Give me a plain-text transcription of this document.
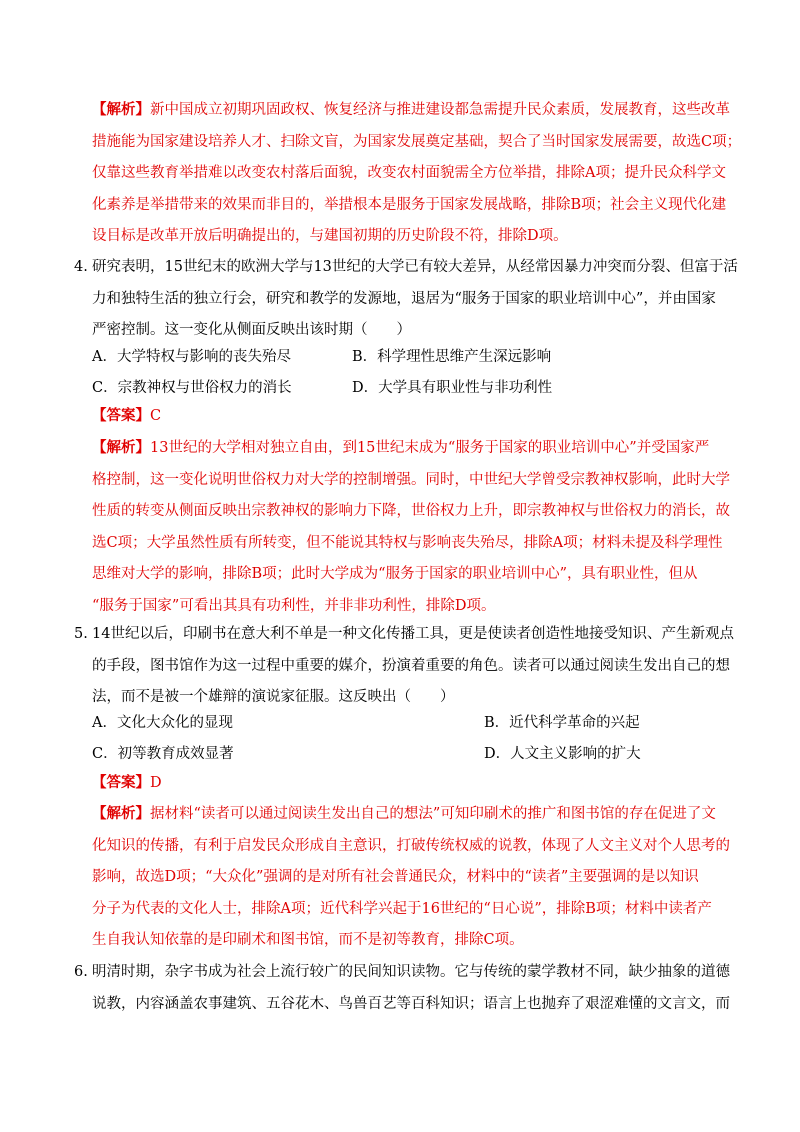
【解析】新中国成立初期巩固政权、恢复经济与推进建设都急需提升民众素质，发展教育，这些改革
措施能为国家建设培养人才、扫除文盲，为国家发展奠定基础，契合了当时国家发展需要，故选C项；
仅靠这些教育举措难以改变农村落后面貌，改变农村面貌需全方位举措，排除A项；提升民众科学文
化素养是举措带来的效果而非目的，举措根本是服务于国家发展战略，排除B项；社会主义现代化建
设目标是改革开放后明确提出的，与建国初期的历史阶段不符，排除D项。
4. 研究表明，15世纪末的欧洲大学与13世纪的大学已有较大差异，从经常因暴力冲突而分裂、但富于活
力和独特生活的独立行会，研究和教学的发源地，退居为“服务于国家的职业培训中心”，并由国家
严密控制。这一变化从侧面反映出该时期（　　）
A．大学特权与影响的丧失殆尽	B．科学理性思维产生深远影响
C．宗教神权与世俗权力的消长	D．大学具有职业性与非功利性
【答案】C
【解析】13世纪的大学相对独立自由，到15世纪末成为“服务于国家的职业培训中心”并受国家严
格控制，这一变化说明世俗权力对大学的控制增强。同时，中世纪大学曾受宗教神权影响，此时大学
性质的转变从侧面反映出宗教神权的影响力下降，世俗权力上升，即宗教神权与世俗权力的消长，故
选C项；大学虽然性质有所转变，但不能说其特权与影响丧失殆尽，排除A项；材料未提及科学理性
思维对大学的影响，排除B项；此时大学成为“服务于国家的职业培训中心”，具有职业性，但从
“服务于国家”可看出其具有功利性，并非非功利性，排除D项。
5. 14世纪以后，印刷书在意大利不单是一种文化传播工具，更是使读者创造性地接受知识、产生新观点
的手段，图书馆作为这一过程中重要的媒介，扮演着重要的角色。读者可以通过阅读生发出自己的想
法，而不是被一个雄辩的演说家征服。这反映出（　　）
A．文化大众化的显现	B．近代科学革命的兴起
C．初等教育成效显著	D．人文主义影响的扩大
【答案】D
【解析】据材料“读者可以通过阅读生发出自己的想法”可知印刷术的推广和图书馆的存在促进了文
化知识的传播，有利于启发民众形成自主意识，打破传统权威的说教，体现了人文主义对个人思考的
影响，故选D项；“大众化”强调的是对所有社会普通民众，材料中的“读者”主要强调的是以知识
分子为代表的文化人士，排除A项；近代科学兴起于16世纪的“日心说”，排除B项；材料中读者产
生自我认知依靠的是印刷术和图书馆，而不是初等教育，排除C项。
6. 明清时期，杂字书成为社会上流行较广的民间知识读物。它与传统的蒙学教材不同，缺少抽象的道德
说教，内容涵盖农事建筑、五谷花木、鸟兽百艺等百科知识；语言上也抛弃了艰涩难懂的文言文，而
